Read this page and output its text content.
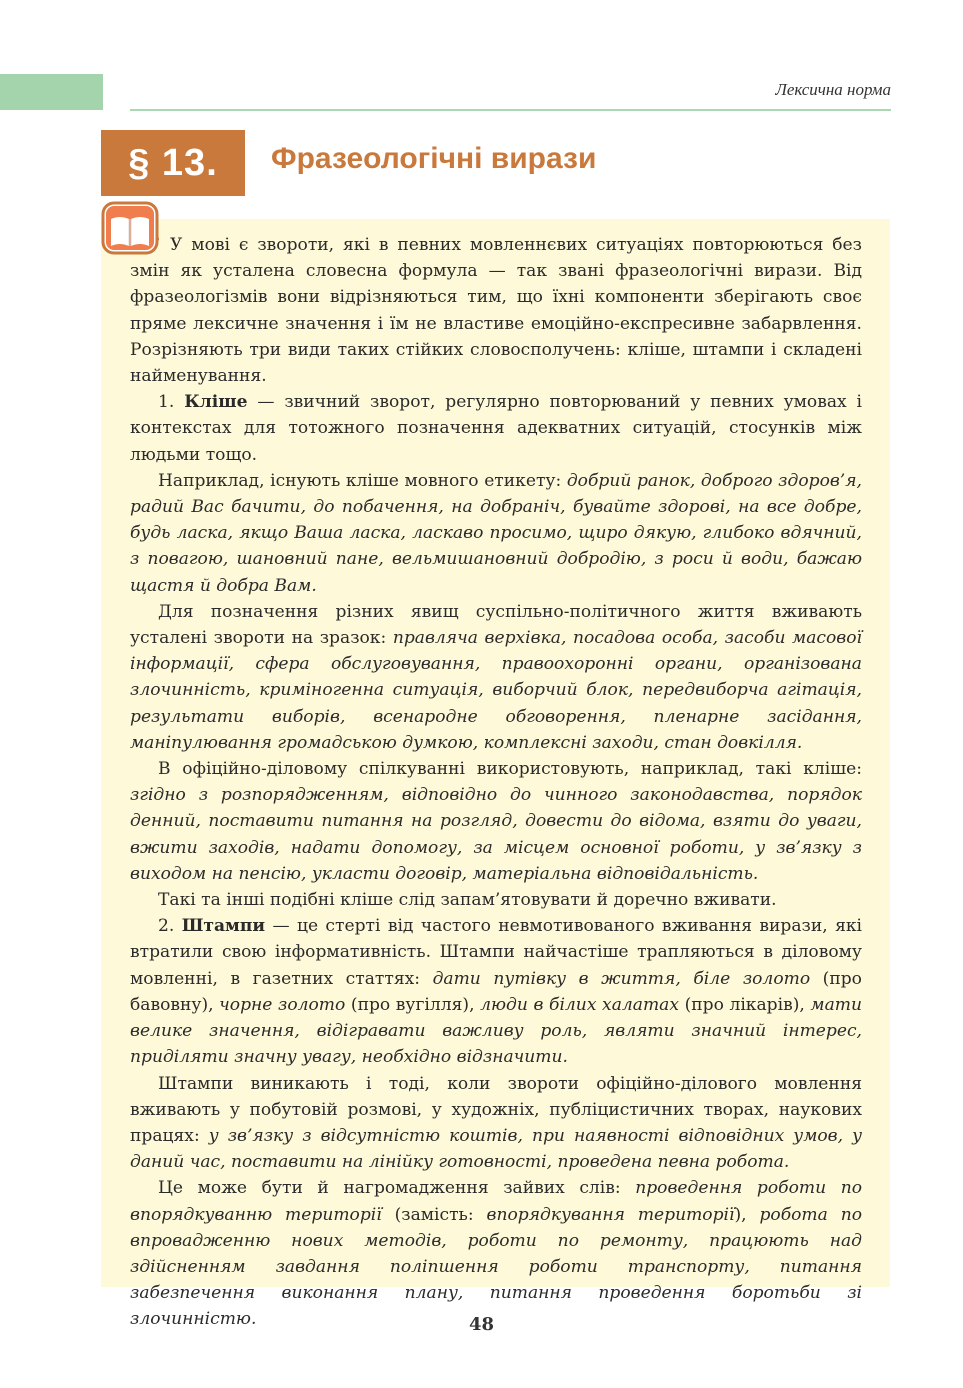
Лексична норма
§ 13.	Фразеологічні вирази

У мові є звороти, які в певних мовленнєвих ситуаціях повторюються без змін як усталена словесна формула — так звані фразеологічні вирази. Від фразеологізмів вони відрізняються тим, що їхні компоненти зберігають своє пряме лексичне значення і їм не властиве емоційно-експресивне забарвлення. Розрізняють три види таких стійких словосполучень: кліше, штампи і складені найменування.

1. Кліше — звичний зворот, регулярно повторюваний у певних умовах і контекстах для тотожного позначення адекватних ситуацій, стосунків між людьми тощо.

Наприклад, існують кліше мовного етикету: добрий ранок, доброго здоров’я, радий Вас бачити, до побачення, на добраніч, бувайте здорові, на все добре, будь ласка, якщо Ваша ласка, ласкаво просимо, щиро дякую, глибоко вдячний, з повагою, шановний пане, вельмишановний добродію, з роси й води, бажаю щастя й добра Вам.

Для позначення різних явищ суспільно-політичного життя вживають усталені звороти на зразок: правляча верхівка, посадова особа, засоби масової інформації, сфера обслуговування, правоохоронні органи, організована злочинність, криміногенна ситуація, виборчий блок, передвиборча агітація, результати виборів, всенародне обговорення, пленарне засідання, маніпулювання громадською думкою, комплексні заходи, стан довкілля.

В офіційно-діловому спілкуванні використовують, наприклад, такі кліше: згідно з розпорядженням, відповідно до чинного законодавства, порядок денний, поставити питання на розгляд, довести до відома, взяти до уваги, вжити заходів, надати допомогу, за місцем основної роботи, у зв’язку з виходом на пенсію, укласти договір, матеріальна відповідальність.

Такі та інші подібні кліше слід запам’ятовувати й доречно вживати.

2. Штампи — це стерті від частого невмотивованого вживання вирази, які втратили свою інформативність. Штампи найчастіше трапляються в діловому мовленні, в газетних статтях: дати путівку в життя, біле золото (про бавовну), чорне золото (про вугілля), люди в білих халатах (про лікарів), мати велике значення, відігравати важливу роль, являти значний інтерес, приділяти значну увагу, необхідно відзначити.

Штампи виникають і тоді, коли звороти офіційно-ділового мовлення вживають у побутовій розмові, у художніх, публіцистичних творах, наукових працях: у зв’язку з відсутністю коштів, при наявності відповідних умов, у даний час, поставити на лінійку готовності, проведена певна робота.

Це може бути й нагромадження зайвих слів: проведення роботи по впорядкуванню території (замість: впорядкування території), робота по впровадженню нових методів, роботи по ремонту, працюють над здійсненням завдання поліпшення роботи транспорту, питання забезпечення виконання плану, питання проведення боротьби зі злочинністю.	48
